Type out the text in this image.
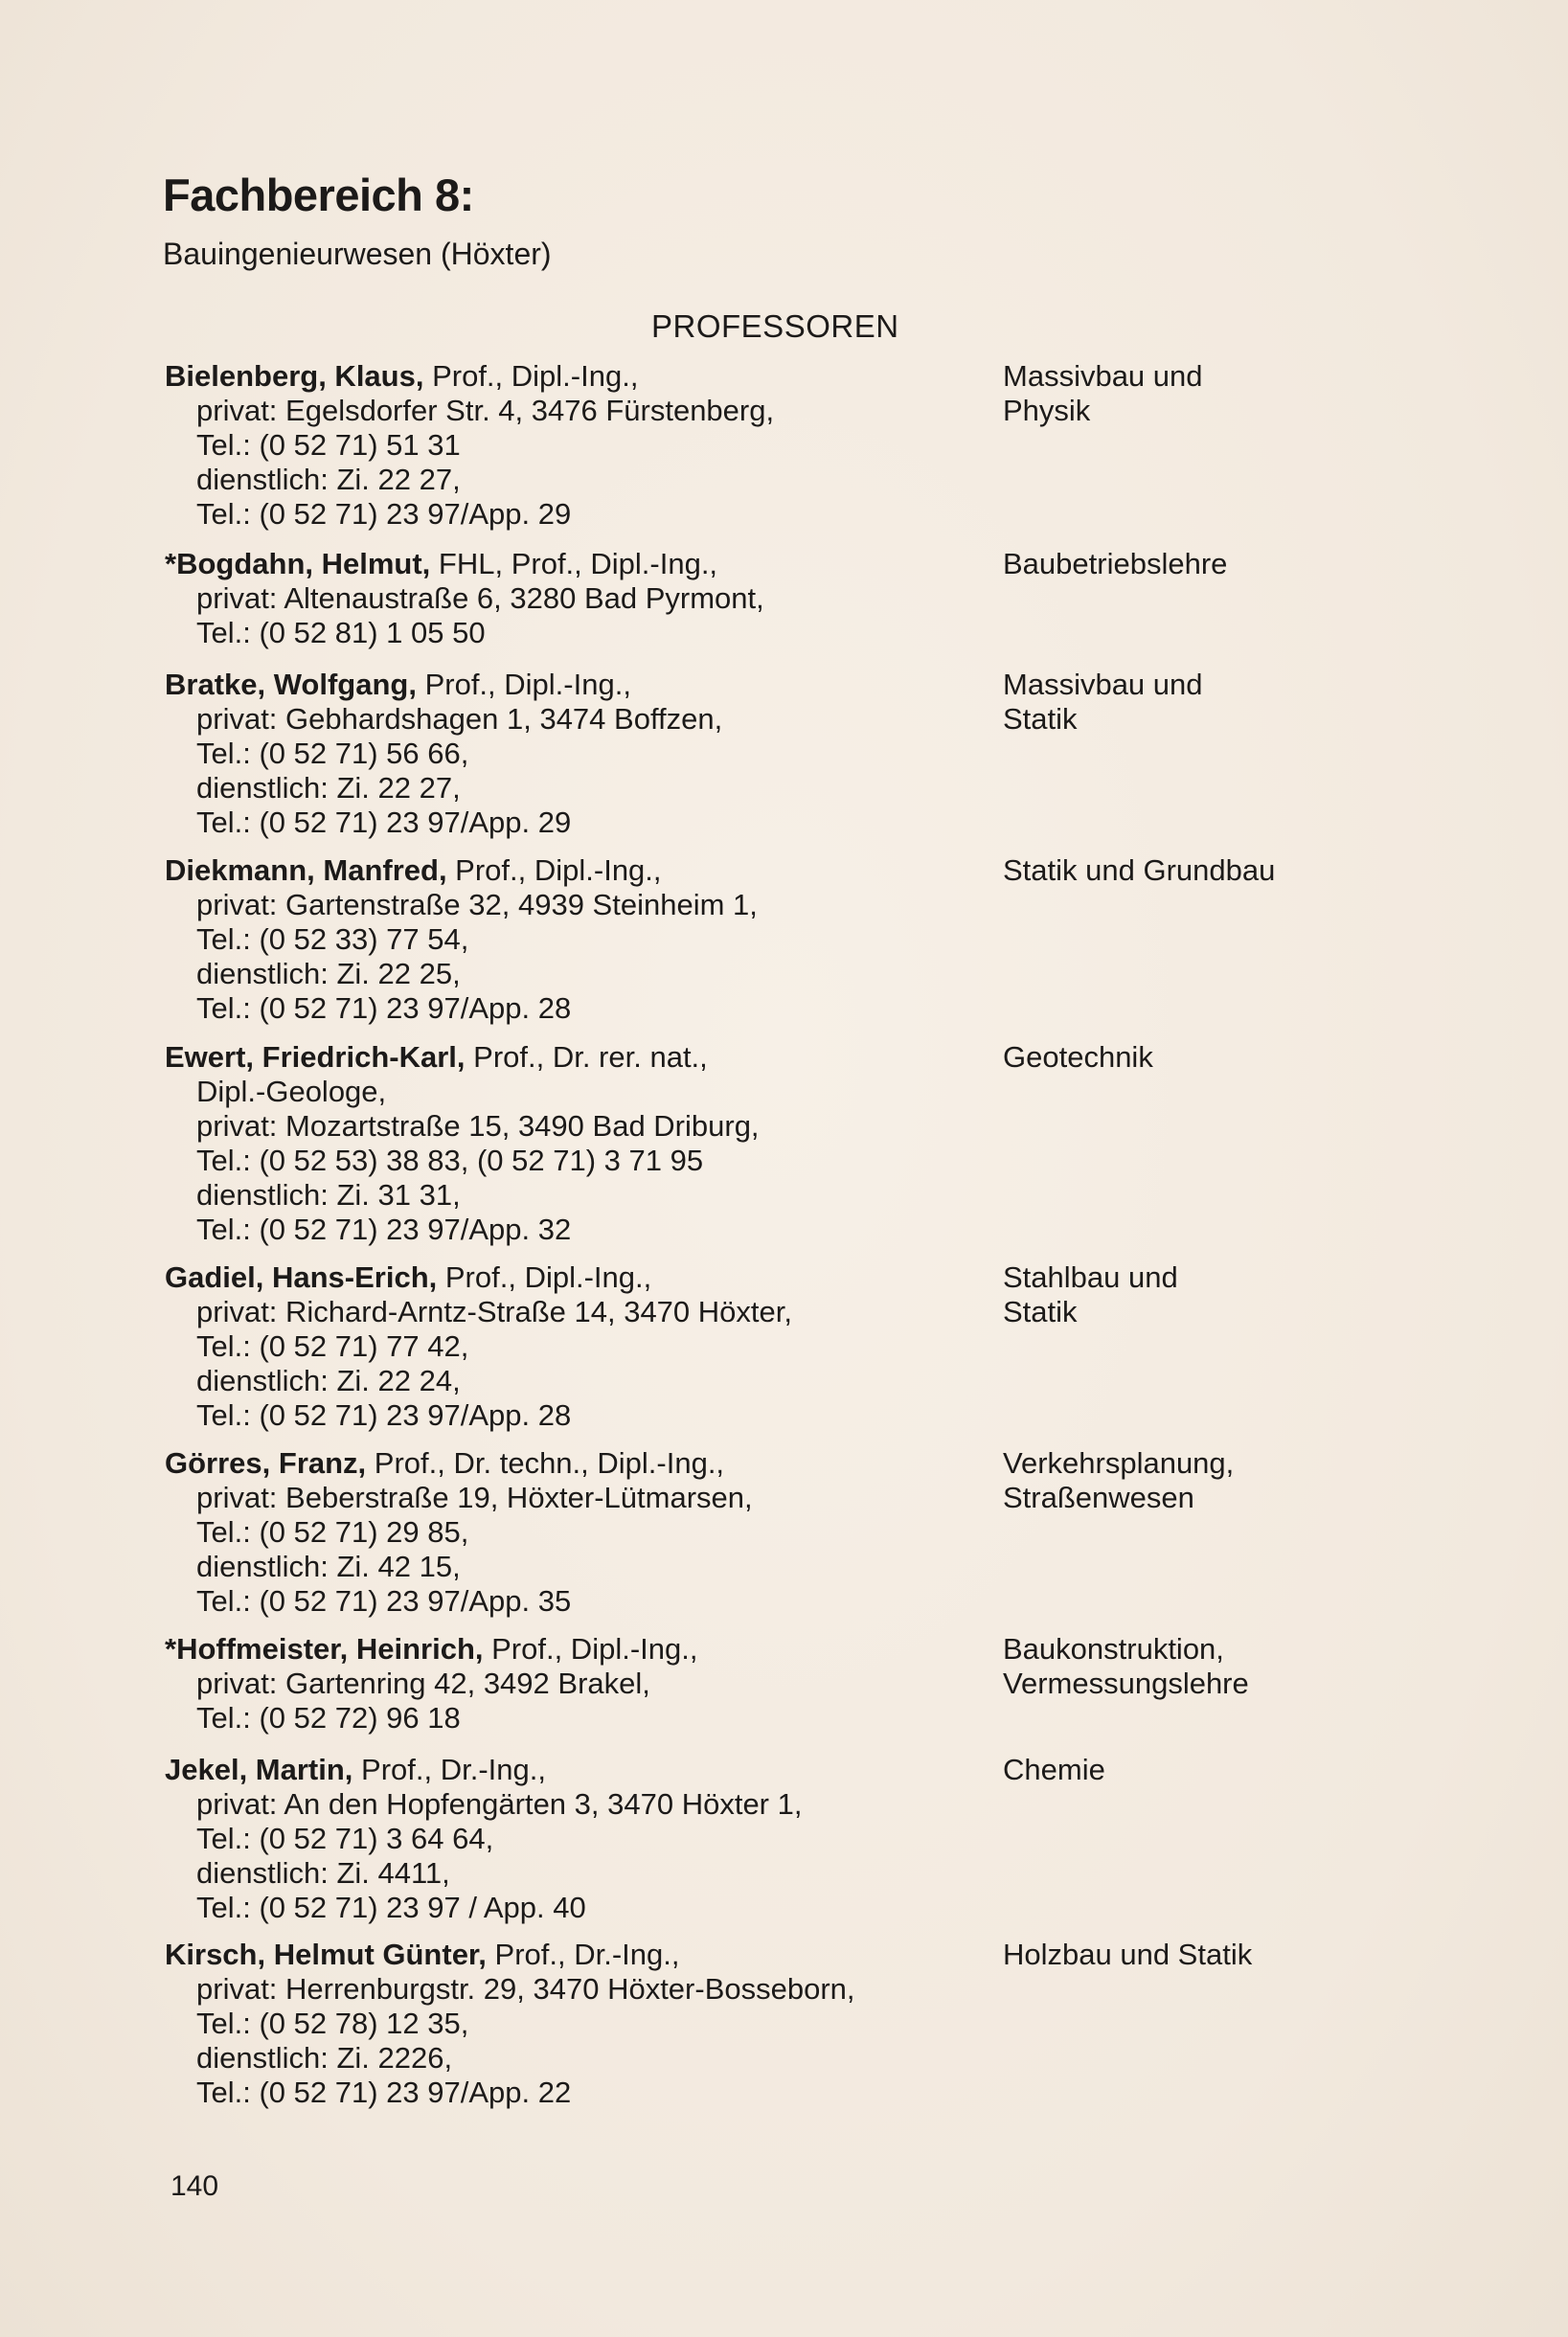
Fachbereich 8:

Bauingenieurwesen (Höxter)

PROFESSOREN
Bielenberg, Klaus, Prof., Dipl.-Ing.,
privat: Egelsdorfer Str. 4, 3476 Fürstenberg,
Tel.: (0 52 71) 51 31
dienstlich: Zi. 22 27,
Tel.: (0 52 71) 23 97/App. 29
Massivbau und
Physik
*Bogdahn, Helmut, FHL, Prof., Dipl.-Ing.,
privat: Altenaustraße 6, 3280 Bad Pyrmont,
Tel.: (0 52 81) 1 05 50
Baubetriebslehre
Bratke, Wolfgang, Prof., Dipl.-Ing.,
privat: Gebhardshagen 1, 3474 Boffzen,
Tel.: (0 52 71) 56 66,
dienstlich: Zi. 22 27,
Tel.: (0 52 71) 23 97/App. 29
Massivbau und
Statik
Diekmann, Manfred, Prof., Dipl.-Ing.,
privat: Gartenstraße 32, 4939 Steinheim 1,
Tel.: (0 52 33) 77 54,
dienstlich: Zi. 22 25,
Tel.: (0 52 71) 23 97/App. 28
Statik und Grundbau
Ewert, Friedrich-Karl, Prof., Dr. rer. nat.,
Dipl.-Geologe,
privat: Mozartstraße 15, 3490 Bad Driburg,
Tel.: (0 52 53) 38 83, (0 52 71) 3 71 95
dienstlich: Zi. 31 31,
Tel.: (0 52 71) 23 97/App. 32
Geotechnik
Gadiel, Hans-Erich, Prof., Dipl.-Ing.,
privat: Richard-Arntz-Straße 14, 3470 Höxter,
Tel.: (0 52 71) 77 42,
dienstlich: Zi. 22 24,
Tel.: (0 52 71) 23 97/App. 28
Stahlbau und
Statik
Görres, Franz, Prof., Dr. techn., Dipl.-Ing.,
privat: Beberstraße 19, Höxter-Lütmarsen,
Tel.: (0 52 71) 29 85,
dienstlich: Zi. 42 15,
Tel.: (0 52 71) 23 97/App. 35
Verkehrsplanung,
Straßenwesen
*Hoffmeister, Heinrich, Prof., Dipl.-Ing.,
privat: Gartenring 42, 3492 Brakel,
Tel.: (0 52 72) 96 18
Baukonstruktion,
Vermessungslehre
Jekel, Martin, Prof., Dr.-Ing.,
privat: An den Hopfengärten 3, 3470 Höxter 1,
Tel.: (0 52 71) 3 64 64,
dienstlich: Zi. 4411,
Tel.: (0 52 71) 23 97 / App. 40
Chemie
Kirsch, Helmut Günter, Prof., Dr.-Ing.,
privat: Herrenburgstr. 29, 3470 Höxter-Bosseborn,
Tel.: (0 52 78) 12 35,
dienstlich: Zi. 2226,
Tel.: (0 52 71) 23 97/App. 22
Holzbau und Statik
140
